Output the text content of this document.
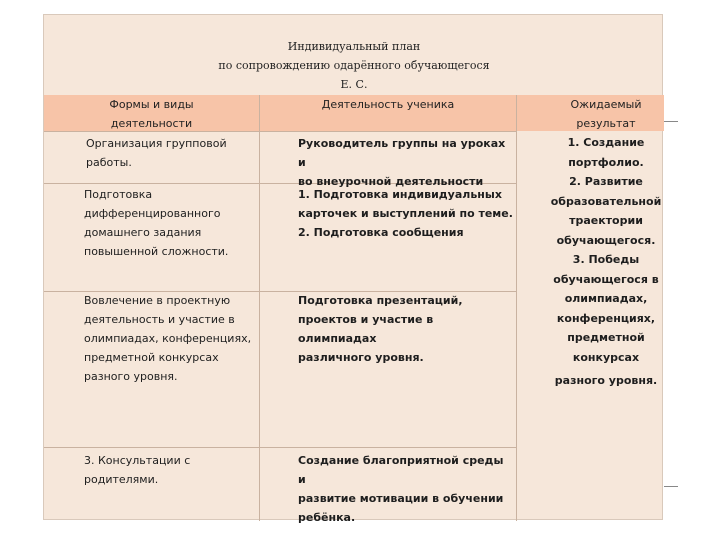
Индивидуальный план
по сопровождению одарённого обучающегося
Е. С.
Формы и виды
деятельности
Деятельность ученика	Ожидаемый
результат
Организация групповой
работы.
Руководитель группы на уроках и
во внеурочной деятельности
Подготовка
дифференцированного
домашнего задания
повышенной сложности.
1. Подготовка индивидуальных
карточек и выступлений по теме.
2. Подготовка сообщения
Вовлечение в проектную
деятельность и участие в
олимпиадах, конференциях,
предметной конкурсах
разного уровня.
Подготовка презентаций,
проектов и участие в олимпиадах
различного уровня.
3. Консультации с
родителями.
Создание благоприятной среды и
развитие мотивации в обучении
ребёнка.
1. Создание
портфолио.
2. Развитие
образовательной
траектории
обучающегося.
3. Победы
обучающегося в
олимпиадах,
конференциях,
предметной
конкурсах
разного уровня.
